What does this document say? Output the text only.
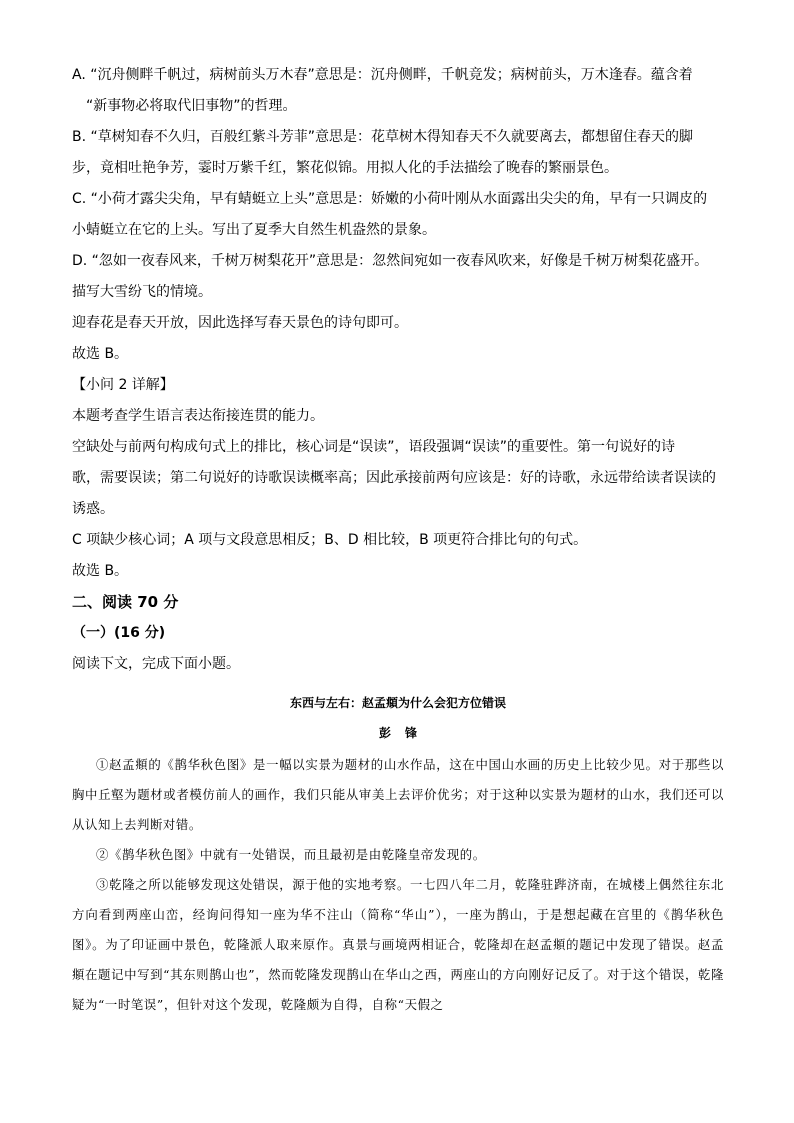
A. “沉舟侧畔千帆过，病树前头万木春”意思是：沉舟侧畔，千帆竞发；病树前头，万木逢春。蕴含着
“新事物必将取代旧事物”的哲理。
B. “草树知春不久归，百般红紫斗芳菲”意思是：花草树木得知春天不久就要离去，都想留住春天的脚
步，竟相吐艳争芳，霎时万紫千红，繁花似锦。用拟人化的手法描绘了晚春的繁丽景色。
C. “小荷才露尖尖角，早有蜻蜓立上头”意思是：娇嫩的小荷叶刚从水面露出尖尖的角，早有一只调皮的
小蜻蜓立在它的上头。写出了夏季大自然生机盎然的景象。
D. “忽如一夜春风来，千树万树梨花开”意思是：忽然间宛如一夜春风吹来，好像是千树万树梨花盛开。
描写大雪纷飞的情境。
迎春花是春天开放，因此选择写春天景色的诗句即可。
故选 B。
【小问 2 详解】
本题考查学生语言表达衔接连贯的能力。
空缺处与前两句构成句式上的排比，核心词是“误读”，语段强调“误读”的重要性。第一句说好的诗
歌，需要误读；第二句说好的诗歌误读概率高；因此承接前两句应该是：好的诗歌，永远带给读者误读的
诱惑。
C 项缺少核心词；A 项与文段意思相反；B、D 相比较，B 项更符合排比句的句式。
故选 B。
二、阅读 70 分
（一）(16 分)
阅读下文，完成下面小题。
东西与左右：赵孟頫为什么会犯方位错误
彭锋
①赵孟頫的《鹊华秋色图》是一幅以实景为题材的山水作品，这在中国山水画的历史上比较少见。对于那些以胸中丘壑为题材或者模仿前人的画作，我们只能从审美上去评价优劣；对于这种以实景为题材的山水，我们还可以从认知上去判断对错。
②《鹊华秋色图》中就有一处错误，而且最初是由乾隆皇帝发现的。
③乾隆之所以能够发现这处错误，源于他的实地考察。一七四八年二月，乾隆驻跸济南，在城楼上偶然往东北方向看到两座山峦，经询问得知一座为华不注山（简称“华山”），一座为鹊山，于是想起藏在宫里的《鹊华秋色图》。为了印证画中景色，乾隆派人取来原作。真景与画境两相证合，乾隆却在赵孟頫的题记中发现了错误。赵孟頫在题记中写到“其东则鹊山也”，然而乾隆发现鹊山在华山之西，两座山的方向刚好记反了。对于这个错误，乾隆疑为“一时笔误”，但针对这个发现，乾隆颇为自得，自称“天假之
